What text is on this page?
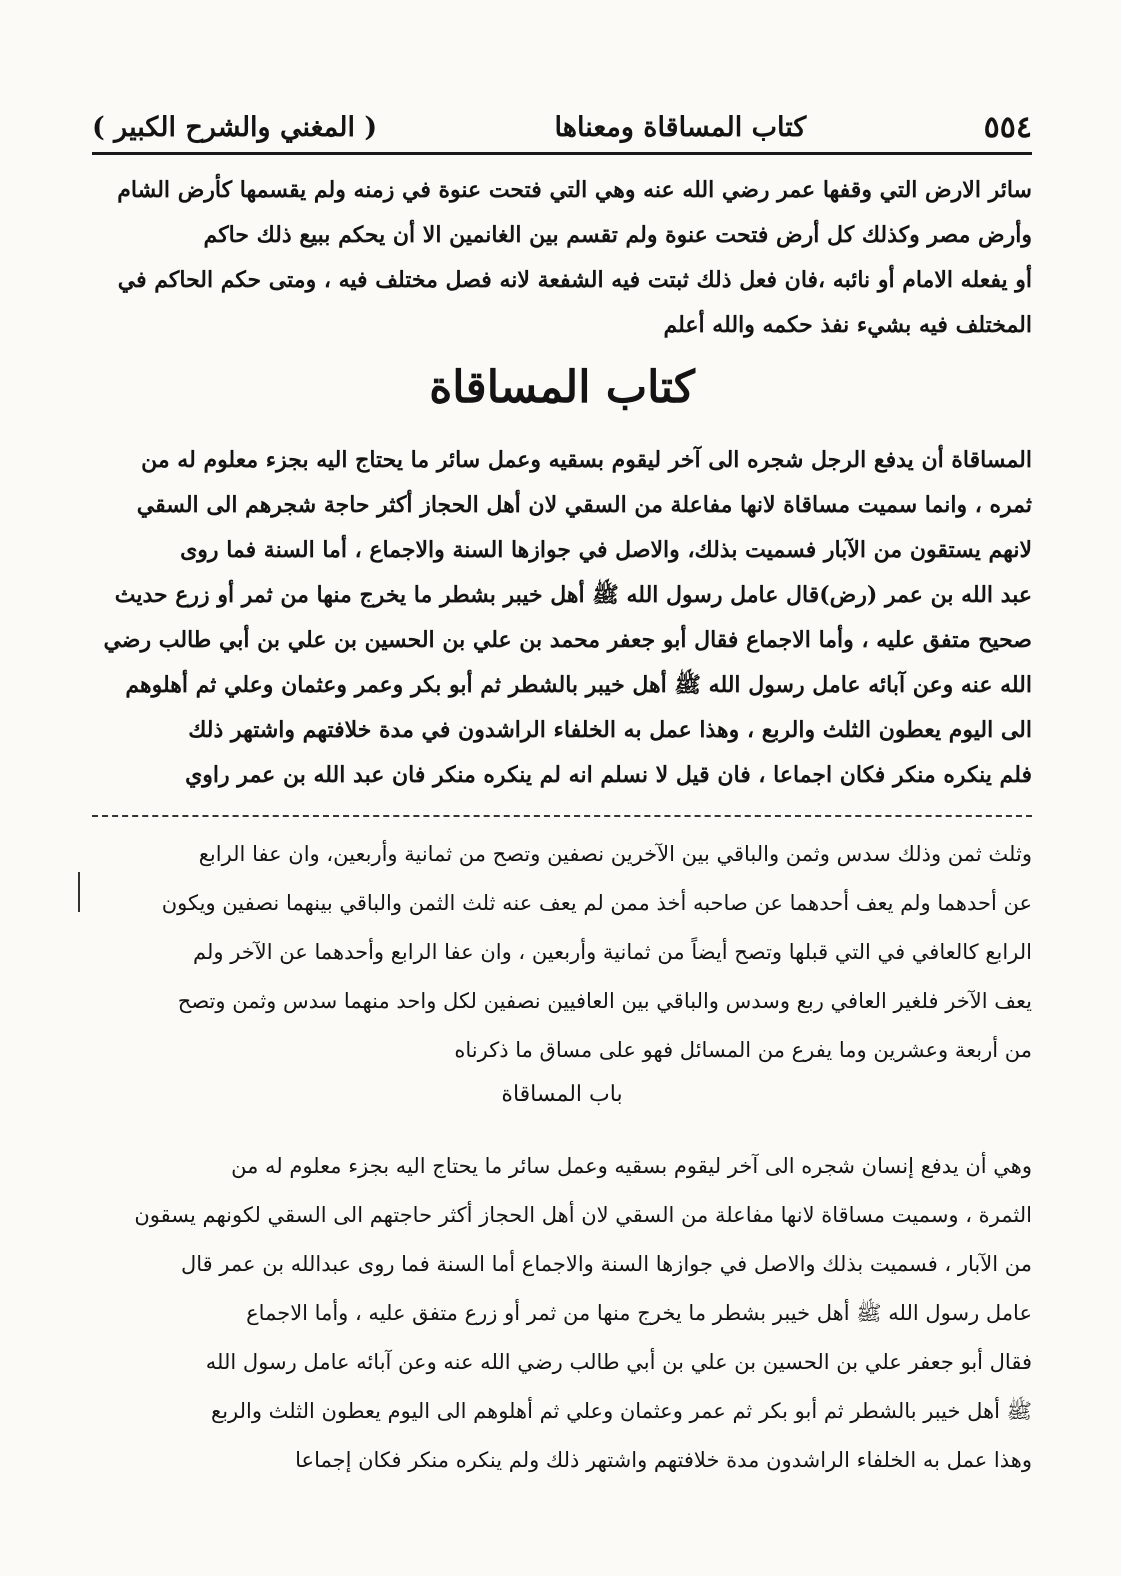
٥٥٤
كتاب المساقاة ومعناها
( المغني والشرح الكبير )
سائر الارض التي وقفها عمر رضي الله عنه وهي التي فتحت عنوة في زمنه ولم يقسمها كأرض الشام
وأرض مصر وكذلك كل أرض فتحت عنوة ولم تقسم بين الغانمين الا أن يحكم ببيع ذلك حاكم
أو يفعله الامام أو نائبه ،فان فعل ذلك ثبتت فيه الشفعة لانه فصل مختلف فيه ، ومتى حكم الحاكم في
المختلف فيه بشيء نفذ حكمه والله أعلم
كتاب المساقاة
المساقاة أن يدفع الرجل شجره الى آخر ليقوم بسقيه وعمل سائر ما يحتاج اليه بجزء معلوم له من
ثمره ، وانما سميت مساقاة لانها مفاعلة من السقي لان أهل الحجاز أكثر حاجة شجرهم الى السقي
لانهم يستقون من الآبار فسميت بذلك، والاصل في جوازها السنة والاجماع ، أما السنة فما روى
عبد الله بن عمر (رض)قال عامل رسول الله ﷺ أهل خيبر بشطر ما يخرج منها من ثمر أو زرع حديث
صحيح متفق عليه ، وأما الاجماع فقال أبو جعفر محمد بن علي بن الحسين بن علي بن أبي طالب رضي
الله عنه وعن آبائه عامل رسول الله ﷺ أهل خيبر بالشطر ثم أبو بكر وعمر وعثمان وعلي ثم أهلوهم
الى اليوم يعطون الثلث والربع ، وهذا عمل به الخلفاء الراشدون في مدة خلافتهم واشتهر ذلك
فلم ينكره منكر فكان اجماعا ، فان قيل لا نسلم انه لم ينكره منكر فان عبد الله بن عمر راوي
وثلث ثمن وذلك سدس وثمن والباقي بين الآخرين نصفين وتصح من ثمانية وأربعين، وان عفا الرابع
عن أحدهما ولم يعف أحدهما عن صاحبه أخذ ممن لم يعف عنه ثلث الثمن والباقي بينهما نصفين ويكون
الرابع كالعافي في التي قبلها وتصح أيضاً من ثمانية وأربعين ، وان عفا الرابع وأحدهما عن الآخر ولم
يعف الآخر فلغير العافي ربع وسدس والباقي بين العافيين نصفين لكل واحد منهما سدس وثمن وتصح
من أربعة وعشرين وما يفرع من المسائل فهو على مساق ما ذكرناه
باب المساقاة
وهي أن يدفع إنسان شجره الى آخر ليقوم بسقيه وعمل سائر ما يحتاج اليه بجزء معلوم له من
الثمرة ، وسميت مساقاة لانها مفاعلة من السقي لان أهل الحجاز أكثر حاجتهم الى السقي لكونهم يسقون
من الآبار ، فسميت بذلك والاصل في جوازها السنة والاجماع أما السنة فما روى عبدالله بن عمر قال
عامل رسول الله ﷺ أهل خيبر بشطر ما يخرج منها من ثمر أو زرع متفق عليه ، وأما الاجماع
فقال أبو جعفر علي بن الحسين بن علي بن أبي طالب رضي الله عنه وعن آبائه عامل رسول الله
ﷺ أهل خيبر بالشطر ثم أبو بكر ثم عمر وعثمان وعلي ثم أهلوهم الى اليوم يعطون الثلث والربع
وهذا عمل به الخلفاء الراشدون مدة خلافتهم واشتهر ذلك ولم ينكره منكر فكان إجماعا
